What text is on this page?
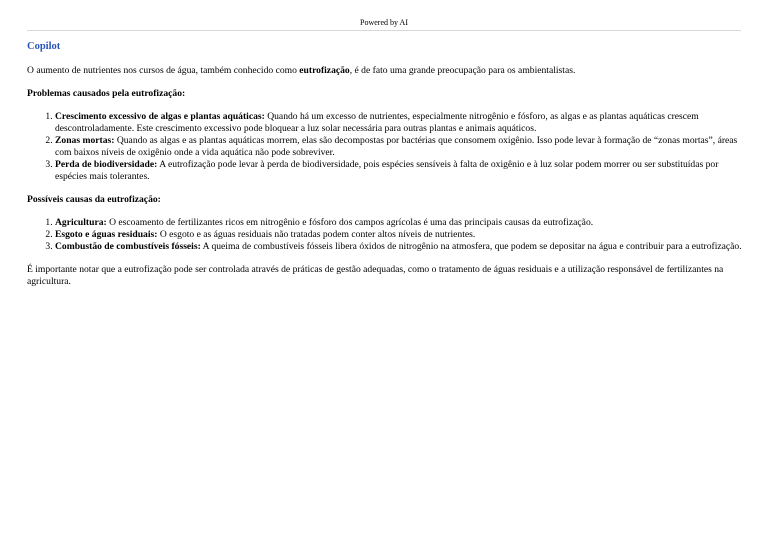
Powered by AI
Copilot

O aumento de nutrientes nos cursos de água, também conhecido como eutrofização, é de fato uma grande preocupação para os ambientalistas.

Problemas causados pela eutrofização:

1. Crescimento excessivo de algas e plantas aquáticas: Quando há um excesso de nutrientes, especialmente nitrogênio e fósforo, as algas e as plantas aquáticas crescem descontroladamente. Este crescimento excessivo pode bloquear a luz solar necessária para outras plantas e animais aquáticos.
2. Zonas mortas: Quando as algas e as plantas aquáticas morrem, elas são decompostas por bactérias que consomem oxigênio. Isso pode levar à formação de “zonas mortas”, áreas com baixos níveis de oxigênio onde a vida aquática não pode sobreviver.
3. Perda de biodiversidade: A eutrofização pode levar à perda de biodiversidade, pois espécies sensíveis à falta de oxigênio e à luz solar podem morrer ou ser substituídas por espécies mais tolerantes.

Possíveis causas da eutrofização:

1. Agricultura: O escoamento de fertilizantes ricos em nitrogênio e fósforo dos campos agrícolas é uma das principais causas da eutrofização.
2. Esgoto e águas residuais: O esgoto e as águas residuais não tratadas podem conter altos níveis de nutrientes.
3. Combustão de combustíveis fósseis: A queima de combustíveis fósseis libera óxidos de nitrogênio na atmosfera, que podem se depositar na água e contribuir para a eutrofização.

É importante notar que a eutrofização pode ser controlada através de práticas de gestão adequadas, como o tratamento de águas residuais e a utilização responsável de fertilizantes na agricultura.
